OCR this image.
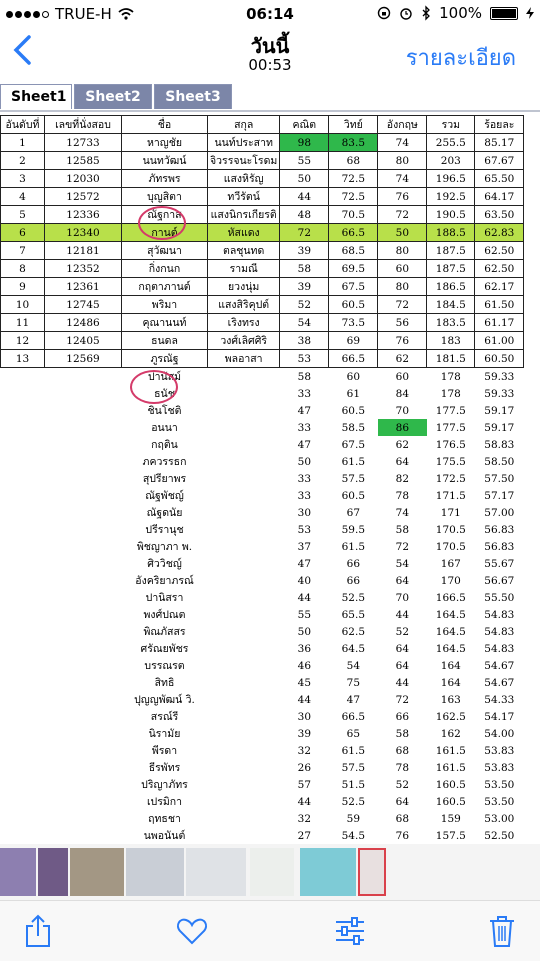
TRUE-H	06:14	100%
วันนี้
00:53	รายละเอียด
Sheet1	Sheet2	Sheet3
อันดับที่	เลขที่นั่งสอบ	ชื่อ	สกุล	คณิต	วิทย์	อังกฤษ	รวม	ร้อยละ
1	12733	หาญชัย	นนท์ประสาท	98	83.5	74	255.5	85.17
2	12585	นนทวัฒน์	จิวรรจนะโรดม	55	68	80	203	67.67
3	12030	ภัทรพร	แสงหิรัญ	50	72.5	74	196.5	65.50
4	12572	บุญสิตา	ทวีรัตน์	44	72.5	76	192.5	64.17
5	12336	ณัฐกาส	แสงนิกรเกียรติ	48	70.5	72	190.5	63.50
6	12340	กานต์	หัสแดง	72	66.5	50	188.5	62.83
7	12181	สุวัฒนา	ตลชุนทด	39	68.5	80	187.5	62.50
8	12352	กิ่งกนก	รามณี	58	69.5	60	187.5	62.50
9	12361	กฤตาภานต์	ยวงนุ่ม	39	67.5	80	186.5	62.17
10	12745	พริมา	แสงสิริคุปต์	52	60.5	72	184.5	61.50
11	12486	คุณานนท์	เริงทรง	54	73.5	56	183.5	61.17
12	12405	ธนดล	วงศ์เลิศศิริ	38	69	76	183	61.00
13	12569	ภูรณัฐ	พลอาสา	53	66.5	62	181.5	60.50
		ปานัสม์		58	60	60	178	59.33
		ธนัช		33	61	84	178	59.33
		ชินโชติ		47	60.5	70	177.5	59.17
		อนนา		33	58.5	86	177.5	59.17
		กฤติน		47	67.5	62	176.5	58.83
		ภควรรธก		50	61.5	64	175.5	58.50
		สุปรียาพร		33	57.5	82	172.5	57.50
		ณัฐพัชญ์		33	60.5	78	171.5	57.17
		ณัฐดนัย		30	67	74	171	57.00
		ปรีรานุช		53	59.5	58	170.5	56.83
		พิชญาภา พ.		37	61.5	72	170.5	56.83
		ศิววิชญ์		47	66	54	167	55.67
		อังคริยาภรณ์		40	66	64	170	56.67
		ปานิสรา		44	52.5	70	166.5	55.50
		พงศ์ปณต		55	65.5	44	164.5	54.83
		พิณภัสสร		50	62.5	52	164.5	54.83
		ศรัณยพัชร		36	64.5	64	164.5	54.83
		บรรณรต		46	54	64	164	54.67
		สิทธิ		45	75	44	164	54.67
		ปุญญพัฒน์ วิ.		44	47	72	163	54.33
		สรณ์รี		30	66.5	66	162.5	54.17
		นิรามัย		39	65	58	162	54.00
		พีรดา		32	61.5	68	161.5	53.83
		ธีรพัทร		26	57.5	78	161.5	53.83
		ปริญาภัทร		57	51.5	52	160.5	53.50
		เปรมิกา		44	52.5	64	160.5	53.50
		ฤทธชา		32	59	68	159	53.00
		นพอนันต์		27	54.5	76	157.5	52.50
